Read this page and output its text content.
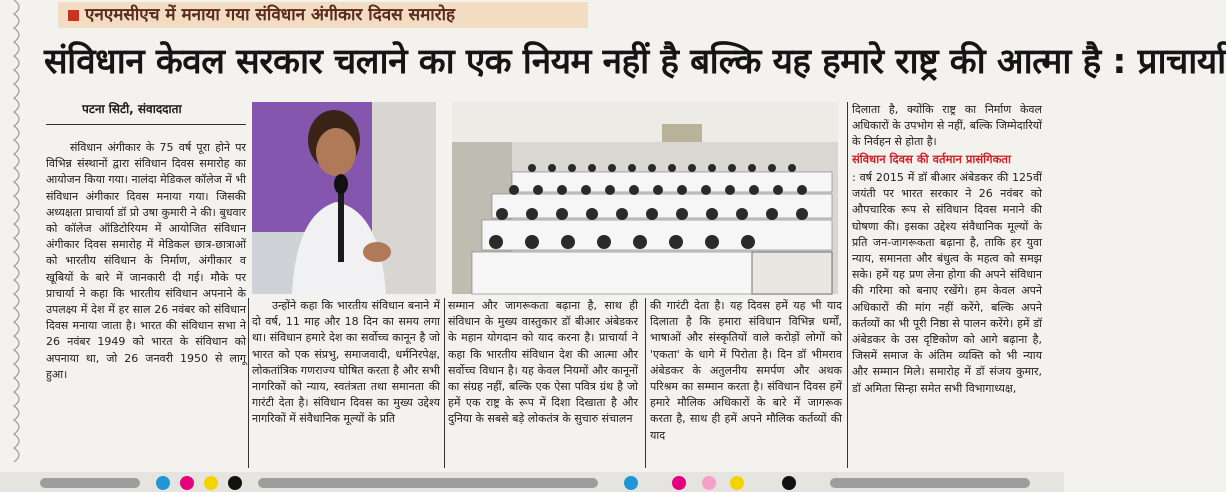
एनएमसीएच में मनाया गया संविधान अंगीकार दिवस समारोह
संविधान केवल सरकार चलाने का एक नियम नहीं है बल्कि यह हमारे राष्ट्र की आत्मा है : प्राचार्या
पटना सिटी, संवाददाता
संविधान अंगीकार के 75 वर्ष पूरा होने पर विभिन्न संस्थानों द्वारा संविधान दिवस समारोह का आयोजन किया गया। नालंदा मेडिकल कॉलेज में भी संविधान अंगीकार दिवस मनाया गया। जिसकी अध्यक्षता प्राचार्या डॉ प्रो उषा कुमारी ने की। बुधवार को कॉलेज ऑडिटोरियम में आयोजित संविधान अंगीकार दिवस समारोह में मेडिकल छात्र-छात्राओं को भारतीय संविधान के निर्माण, अंगीकार व खूबियों के बारे में जानकारी दी गई। मौके पर प्राचार्या ने कहा कि भारतीय संविधान अपनाने के उपलक्ष्य में देश में हर साल 26 नवंबर को संविधान दिवस मनाया जाता है। भारत की संविधान सभा ने 26 नवंबर 1949 को भारत के संविधान को अपनाया था, जो 26 जनवरी 1950 से लागू हुआ।
उन्होंने कहा कि भारतीय संविधान बनाने में दो वर्ष, 11 माह और 18 दिन का समय लगा था। संविधान हमारे देश का सर्वोच्च कानून है जो भारत को एक संप्रभु, समाजवादी, धर्मनिरपेक्ष, लोकतांत्रिक गणराज्य घोषित करता है और सभी नागरिकों को न्याय, स्वतंत्रता तथा समानता की गारंटी देता है। संविधान दिवस का मुख्य उद्देश्य नागरिकों में संवैधानिक मूल्यों के प्रति
सम्मान और जागरूकता बढ़ाना है, साथ ही संविधान के मुख्य वास्तुकार डॉ बीआर अंबेडकर के महान योगदान को याद करना है। प्राचार्या ने कहा कि भारतीय संविधान देश की आत्मा और सर्वोच्च विधान है। यह केवल नियमों और कानूनों का संग्रह नहीं, बल्कि एक ऐसा पवित्र ग्रंथ है जो हमें एक राष्ट्र के रूप में दिशा दिखाता है और दुनिया के सबसे बड़े लोकतंत्र के सुचारु संचालन
की गारंटी देता है। यह दिवस हमें यह भी याद दिलाता है कि हमारा संविधान विभिन्न धर्मों, भाषाओं और संस्कृतियों वाले करोड़ों लोगों को 'एकता' के धागे में पिरोता है। दिन डॉ भीमराव अंबेडकर के अतुलनीय समर्पण और अथक परिश्रम का सम्मान करता है। संविधान दिवस हमें हमारे मौलिक अधिकारों के बारे में जागरूक करता है, साथ ही हमें अपने मौलिक कर्तव्यों की याद
दिलाता है, क्योंकि राष्ट्र का निर्माण केवल अधिकारों के उपभोग से नहीं, बल्कि जिम्मेदारियों के निर्वहन से होता है।
संविधान दिवस की वर्तमान प्रासंगिकता
: वर्ष 2015 में डॉ बीआर अंबेडकर की 125वीं जयंती पर भारत सरकार ने 26 नवंबर को औपचारिक रूप से संविधान दिवस मनाने की घोषणा की। इसका उद्देश्य संवैधानिक मूल्यों के प्रति जन-जागरूकता बढ़ाना है, ताकि हर युवा न्याय, समानता और बंधुत्व के महत्व को समझ सके। हमें यह प्रण लेना होगा की अपने संविधान की गरिमा को बनाए रखेंगे। हम केवल अपने अधिकारों की मांग नहीं करेंगे, बल्कि अपने कर्तव्यों का भी पूरी निष्ठा से पालन करेंगे। हमें डॉ अंबेडकर के उस दृष्टिकोण को आगे बढ़ाना है, जिसमें समाज के अंतिम व्यक्ति को भी न्याय और सम्मान मिले। समारोह में डॉ संजय कुमार, डॉ अमिता सिन्हा समेत सभी विभागाध्यक्ष,
